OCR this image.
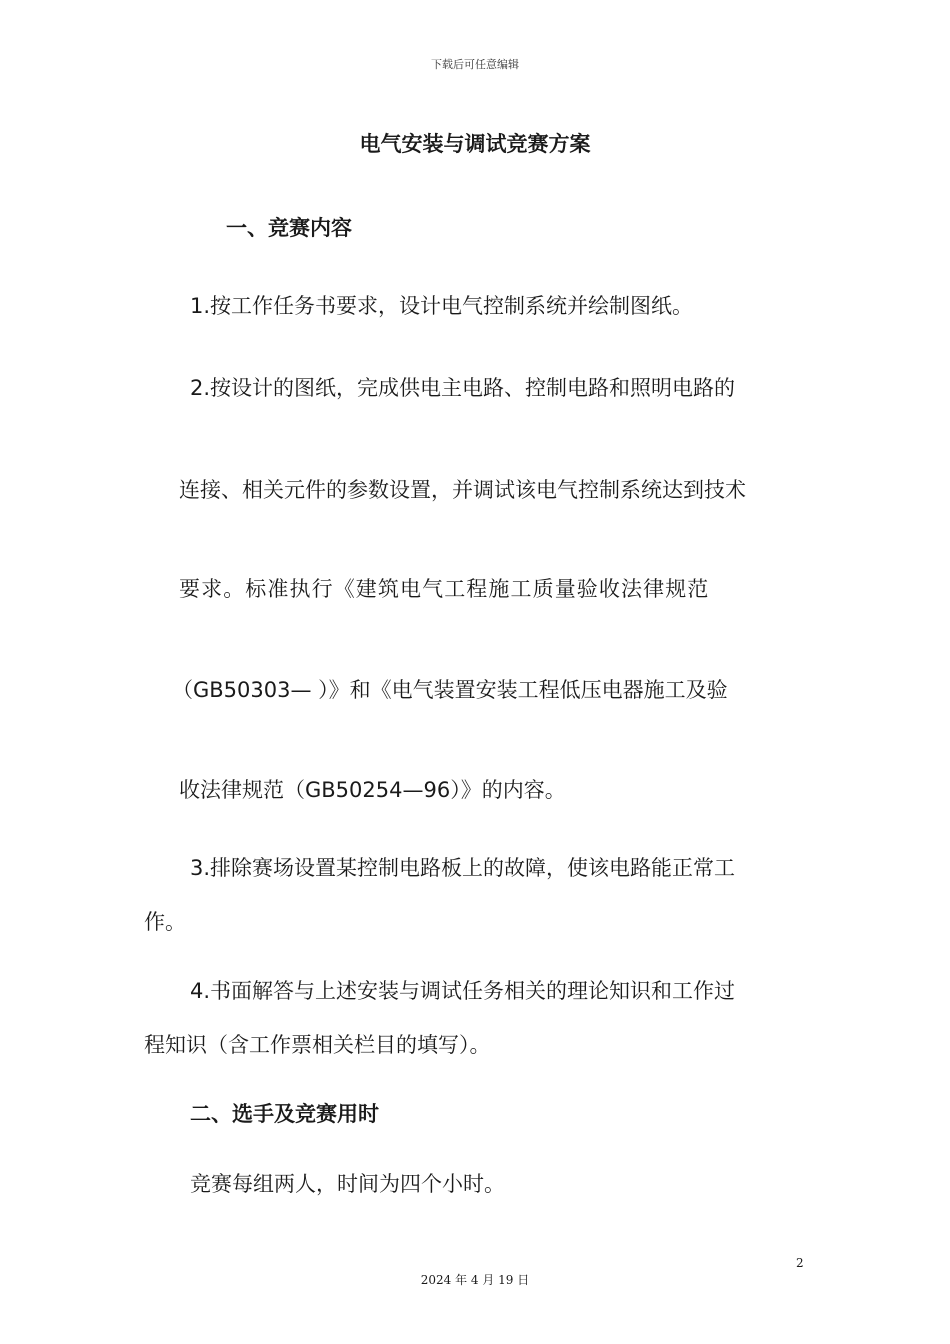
下载后可任意编辑
电气安装与调试竞赛方案
一、竞赛内容
1.按工作任务书要求，设计电气控制系统并绘制图纸。
2.按设计的图纸，完成供电主电路、控制电路和照明电路的
连接、相关元件的参数设置，并调试该电气控制系统达到技术
要求。标准执行《建筑电气工程施工质量验收法律规范
（GB50303— ）》和《电气装置安装工程低压电器施工及验
收法律规范（GB50254—96）》的内容。
3.排除赛场设置某控制电路板上的故障，使该电路能正常工
作。
4.书面解答与上述安装与调试任务相关的理论知识和工作过
程知识（含工作票相关栏目的填写）。
二、选手及竞赛用时
竞赛每组两人，时间为四个小时。
2
2024 年 4 月 19 日
